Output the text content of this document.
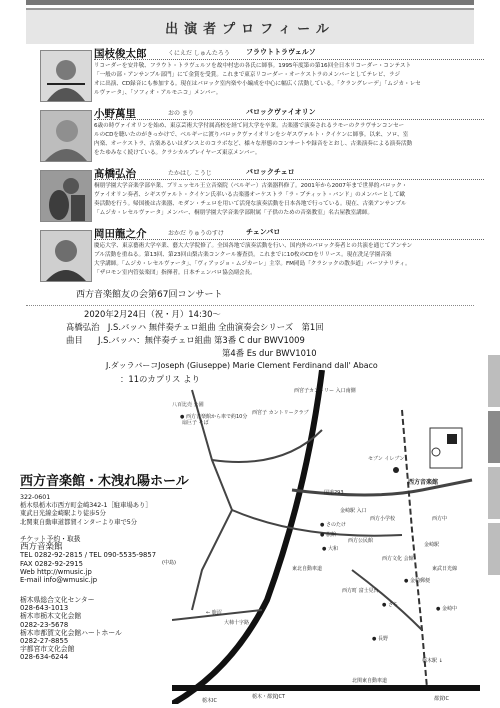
出演者プロフィール
国枝俊太郎	くにえだ しゅんたろう フラウトトラヴェルソ
リコーダーを安井敬、フラウト・トラヴェルソを故中村忠の各氏に師事。1995年度第の第16回全日本リコーダー・コンテスト
「一般の部・アンサンブル部門」にて金賞を受賞。これまで東京リコーダー・オーケストラのメンバーとしてテレビ、ラジ
オに出演、CD録音にも参加する。現在はバロック室内楽や小編成を中心に幅広く活動している。「クラングレーデ」「ムジカ・レセ
ルヴァータ」、「ソフィオ・アルモニコ」メンバー。
小野萬里	おの まり	バロックヴァイオリン
6歳の時ヴァイオリンを始め、東京芸術大学付属高校を経て同大学を卒業。古楽器で演奏されるラモーのクラヴサンコンセー
ルのCDを聴いたのがきっかけで、ベルギーに渡りバロックヴァイオリンをシギスヴァルト・クイケンに師事。以来、ソロ、室
内楽、オーケストラ、古楽あるいはダンスとのコラボなど、様々な形態のコンサートや録音をとおし、古楽演奏による演奏活動
をたゆみなく続けている。クラシカルプレイヤーズ東京メンバー。
髙橋弘治	たかはし こうじ	バロックチェロ
桐朋学園大学音楽学部卒業、ブリュッセル王立音楽院（ベルギー）古楽器科修了。2001年から2007年まで世界的バロック・
ヴァイオリン奏者、シギスヴァルト・クイケン氏率いる古楽器オーケストラ「ラ・プティット・バンド」のメンバーとして歐
奏活動を行う。帰国後は古楽器、モダン・チェロを用いて活発な演奏活動を日本各地で行っている。現在、古楽アンサンブル
「ムジカ・レセルヴァータ」メンバー、桐朋学園大学音楽学部附属「子供のための音楽教室」名古屋教室講師。
岡田龍之介	おかだ りゅうのすけ	チェンバロ
慶応大学、東京藝術大学卒業、藝大大学院修了。全国各地で演奏活動を行い、国内外のバロック奏者との共演を通じてアンサン
ブル活動を重ねる。第13回、第23回山梨古楽コンクール審査員。これまでに10枚のCDをリリース。現在洗足学園音楽
大学講師。「ムジカ・レセルヴァータ」、「ヴィアッジョ・ムジカーレ」主宰。FM岡島「クラシックの散歩道」パーソナリティ。
「ザロモン室内管弦楽団」指揮者。日本チェンバロ協会副会長。
西方音楽館友の会第67回コンサート
2020年2月24日（祝・月）14:30～
髙橋弘治　J.S.バッハ 無伴奏チェロ組曲 全曲演奏会シリーズ　第1回
曲目 J.S.バッハ：無伴奏チェロ組曲 第3番 C dur BWV1009
第4番 Es dur BWV1010
J.ダッラバーコJoseph (Giuseppe) Marie Clement Ferdinand dall' Abaco
：11のカプリス より
西方音楽館・木洩れ陽ホール
322-0601
栃木県栃木市西方町金崎342-1［駐車場あり］
東武日光線金崎駅より徒歩5分
北関東自動車道都賀インターより車で5分
チケット予約・取扱
西方音楽館
TEL 0282-92-2815 / TEL 090-5535-9857
FAX 0282-92-2915	(中島)

Web http://wmusic.jp
E-mail info@wmusic.jp
栃木県総合文化センター
028-643-1013
栃木市栃木文化会館
0282-23-5678
栃木市都賀文化会館ハートホール
0282-27-8855
宇都宮市文化会館
028-634-6244
八百比売 公園
● 西方音楽館から車で約10分
扇巨子 そば
西宮子 カントリークラブ
西宮子カントリー 入口南側
西方音楽館
国道293
金崎駅 入口
セブン イレブン
西方小学校
西方公民館
金崎駅
西方文化 会館
● さのたけ
● 旅館
東武日光線
東北自動車道
北関東自動車道
栃木IC
栃木・都賀JCT	都賀IC
← 鹿沼
大柿十字路
西方町 富士見台
西方中
● 大和
● さち
● 金崎中
● 金崎郵便
栃木駅 ↓
● 長野
